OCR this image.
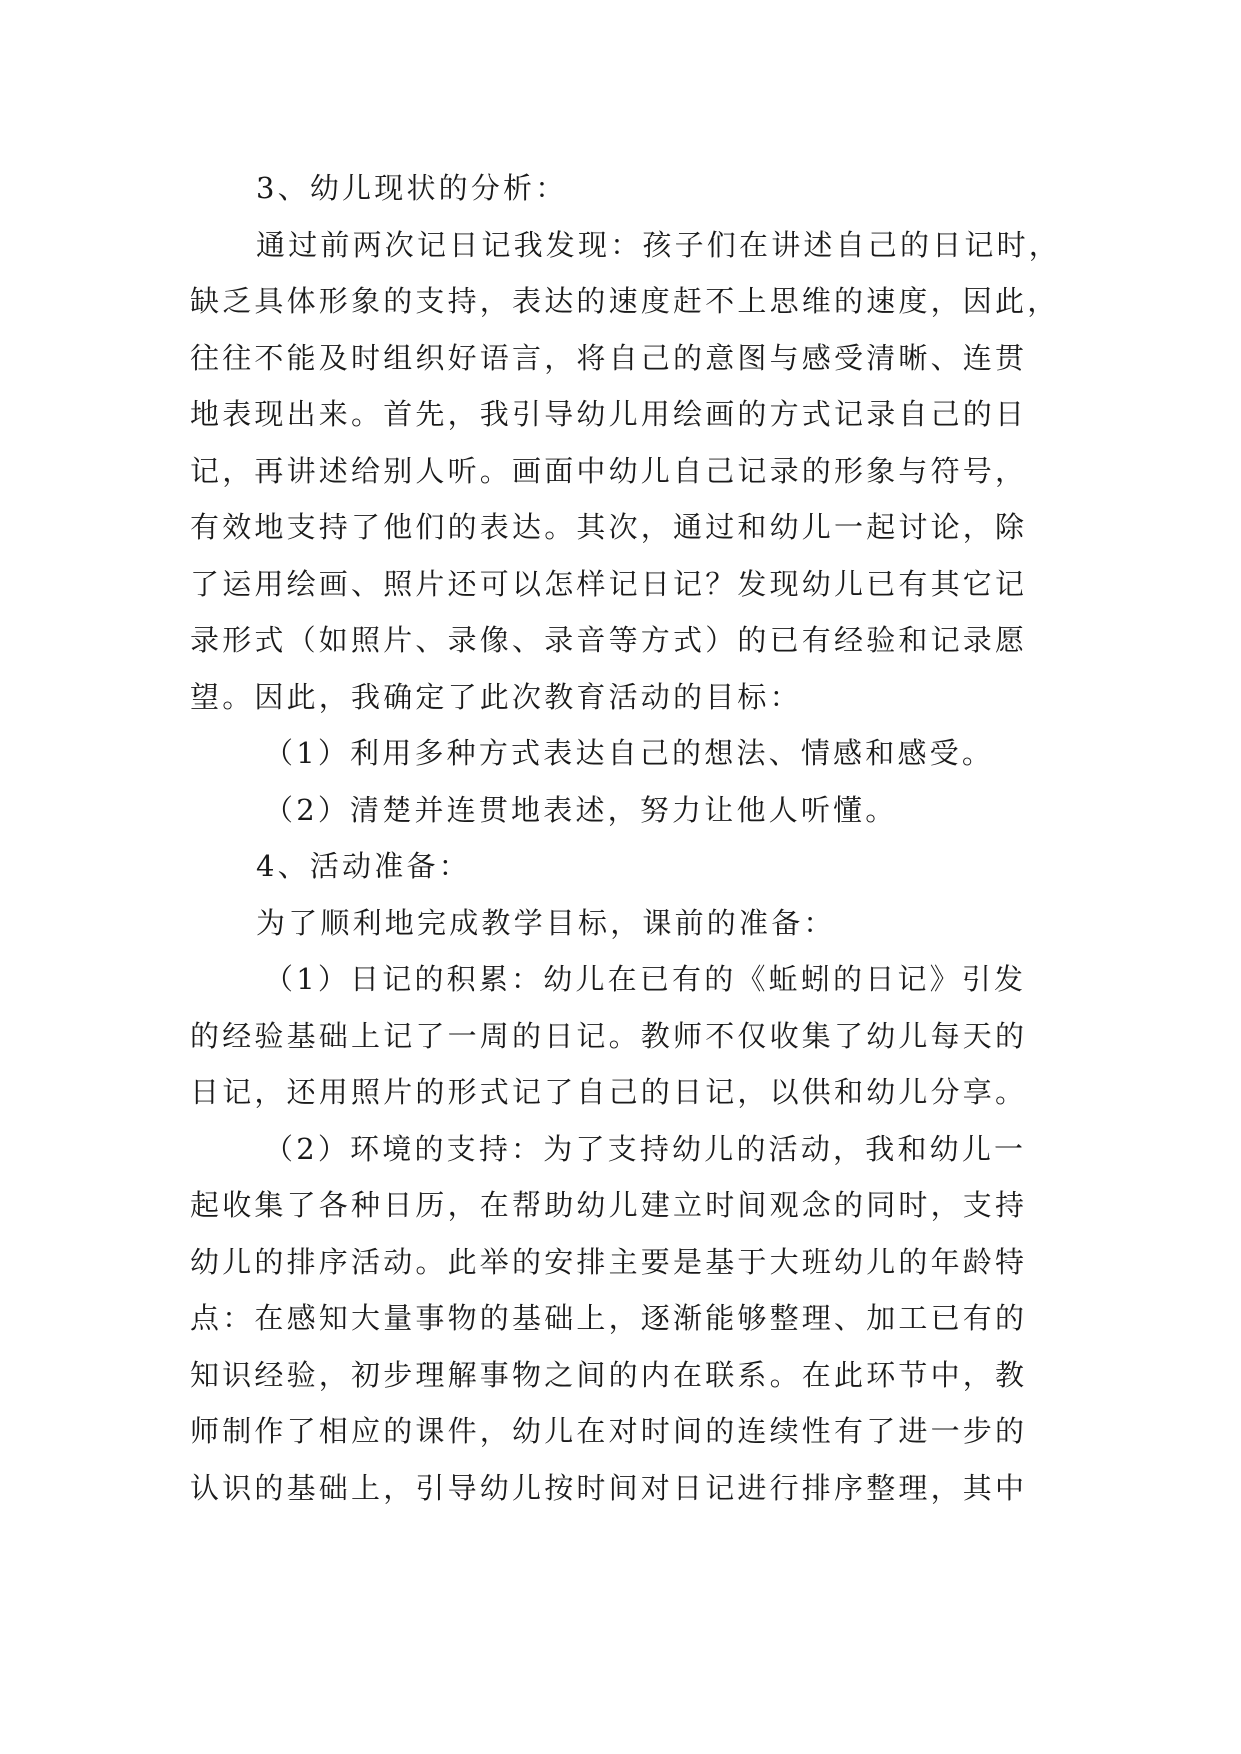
3、幼儿现状的分析：
通过前两次记日记我发现：孩子们在讲述自己的日记时，
缺乏具体形象的支持，表达的速度赶不上思维的速度，因此，
往往不能及时组织好语言，将自己的意图与感受清晰、连贯
地表现出来。首先，我引导幼儿用绘画的方式记录自己的日
记，再讲述给别人听。画面中幼儿自己记录的形象与符号，
有效地支持了他们的表达。其次，通过和幼儿一起讨论，除
了运用绘画、照片还可以怎样记日记？发现幼儿已有其它记
录形式（如照片、录像、录音等方式）的已有经验和记录愿
望。因此，我确定了此次教育活动的目标：
（1）利用多种方式表达自己的想法、情感和感受。
（2）清楚并连贯地表述，努力让他人听懂。
4、活动准备：
为了顺利地完成教学目标，课前的准备：
（1）日记的积累：幼儿在已有的《蚯蚓的日记》引发
的经验基础上记了一周的日记。教师不仅收集了幼儿每天的
日记，还用照片的形式记了自己的日记，以供和幼儿分享。
（2）环境的支持：为了支持幼儿的活动，我和幼儿一
起收集了各种日历，在帮助幼儿建立时间观念的同时，支持
幼儿的排序活动。此举的安排主要是基于大班幼儿的年龄特
点：在感知大量事物的基础上，逐渐能够整理、加工已有的
知识经验，初步理解事物之间的内在联系。在此环节中，教
师制作了相应的课件，幼儿在对时间的连续性有了进一步的
认识的基础上，引导幼儿按时间对日记进行排序整理，其中
